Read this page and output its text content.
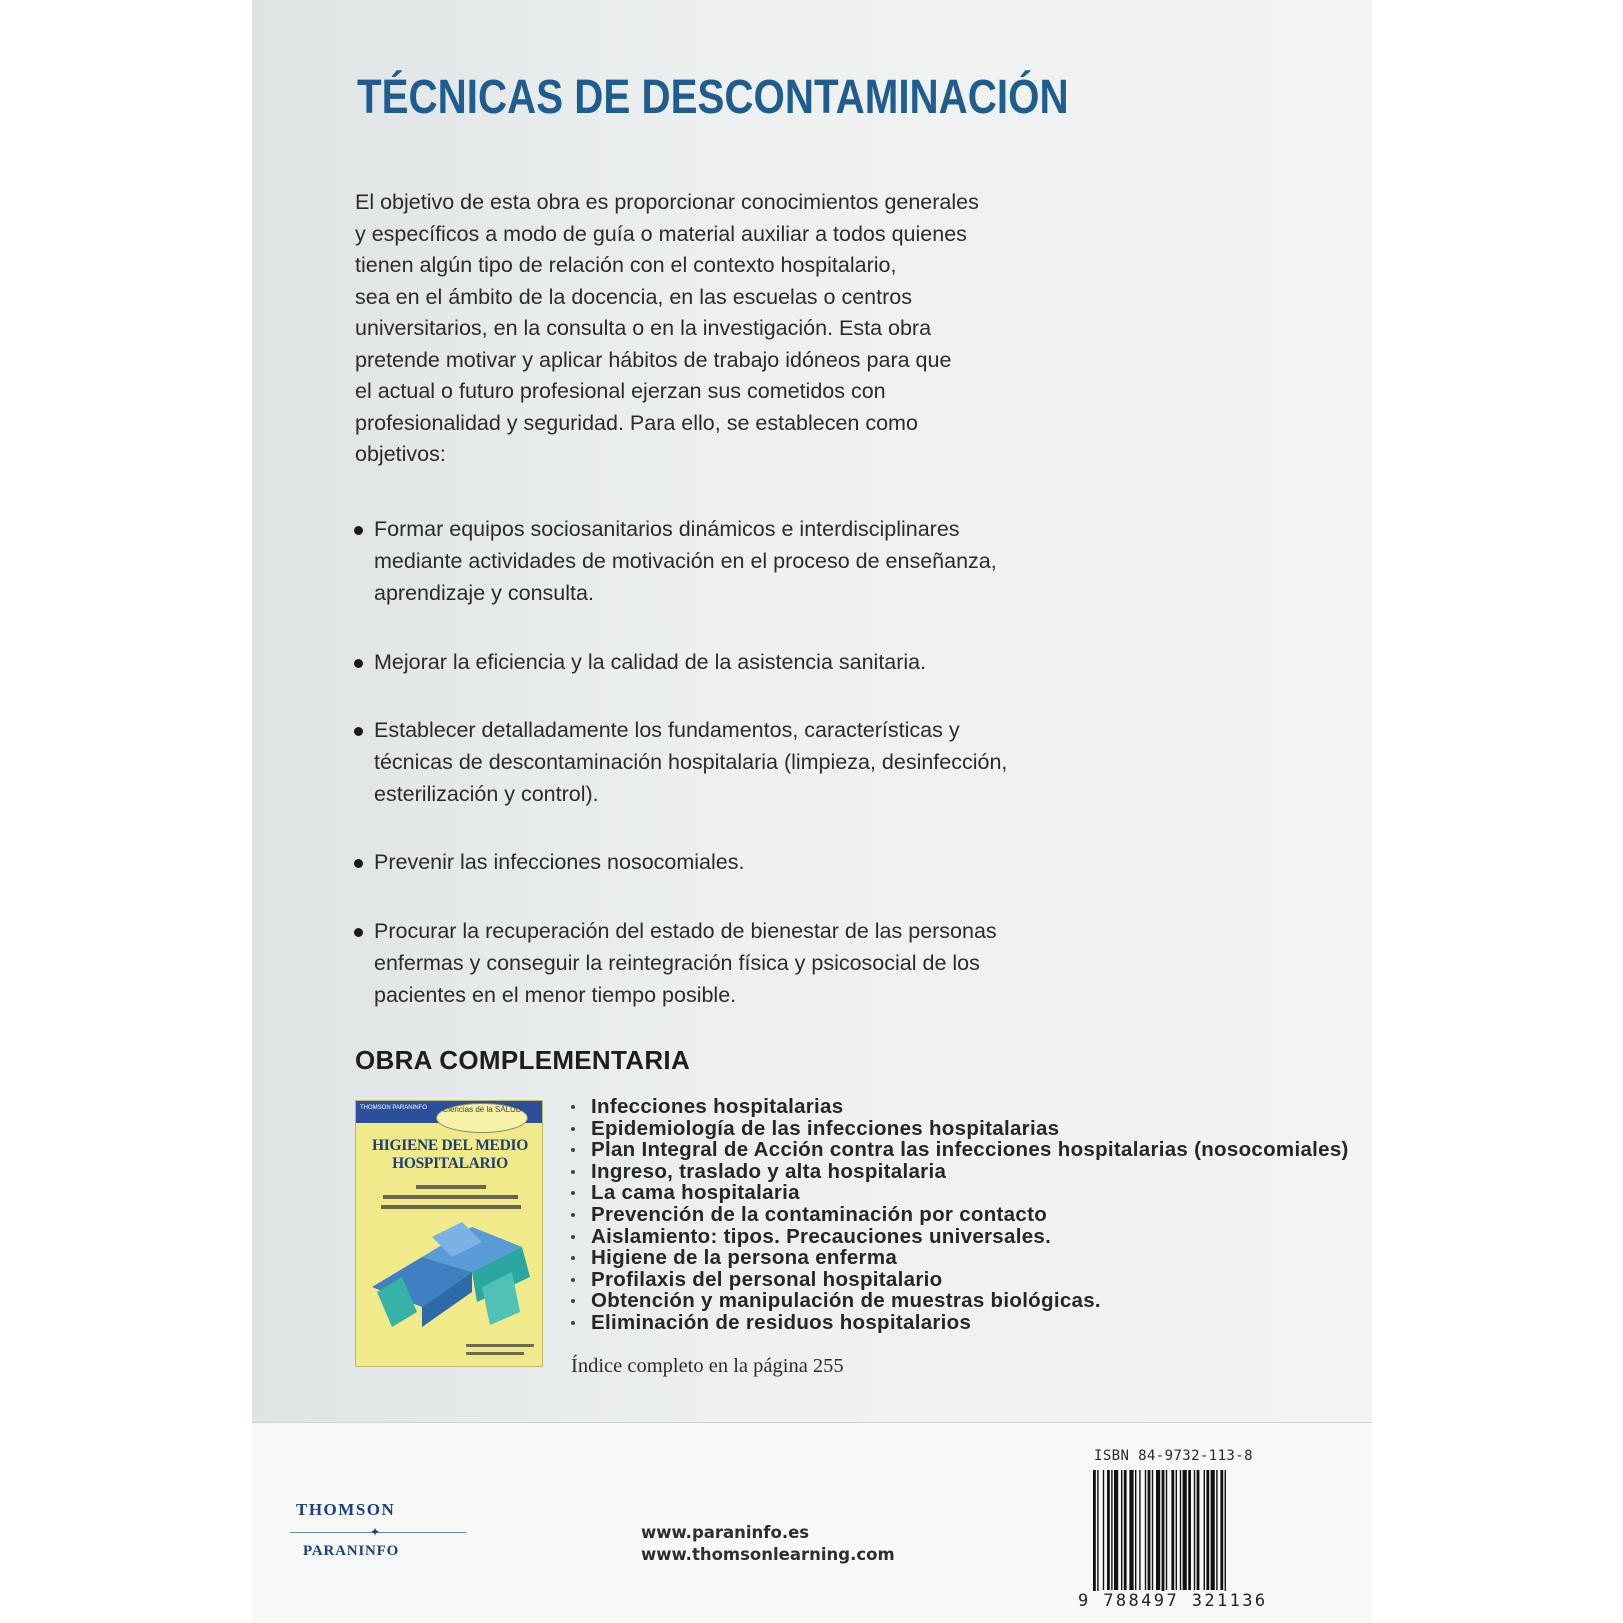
TÉCNICAS DE DESCONTAMINACIÓN
El objetivo de esta obra es proporcionar conocimientos generales
y específicos a modo de guía o material auxiliar a todos quienes
tienen algún tipo de relación con el contexto hospitalario,
sea en el ámbito de la docencia, en las escuelas o centros
universitarios, en la consulta o en la investigación. Esta obra
pretende motivar y aplicar hábitos de trabajo idóneos para que
el actual o futuro profesional ejerzan sus cometidos con
profesionalidad y seguridad. Para ello, se establecen como
objetivos:
Formar equipos sociosanitarios dinámicos e interdisciplinares
mediante actividades de motivación en el proceso de enseñanza,
aprendizaje y consulta.
Mejorar la eficiencia y la calidad de la asistencia sanitaria.
Establecer detalladamente los fundamentos, características y
técnicas de descontaminación hospitalaria (limpieza, desinfección,
esterilización y control).
Prevenir las infecciones nosocomiales.
Procurar la recuperación del estado de bienestar de las personas
enfermas y conseguir la reintegración física y psicosocial de los
pacientes en el menor tiempo posible.
OBRA COMPLEMENTARIA
THOMSON PARANINFO	Ciencias de la SALUD
HIGIENE DEL MEDIO HOSPITALARIO
Infecciones hospitalarias
Epidemiología de las infecciones hospitalarias
Plan Integral de Acción contra las infecciones hospitalarias (nosocomiales)
Ingreso, traslado y alta hospitalaria
La cama hospitalaria
Prevención de la contaminación por contacto
Aislamiento: tipos. Precauciones universales.
Higiene de la persona enferma
Profilaxis del personal hospitalario
Obtención y manipulación de muestras biológicas.
Eliminación de residuos hospitalarios
Índice completo en la página 255
THOMSON
✦
PARANINFO
www.paraninfo.es
www.thomsonlearning.com
ISBN 84-9732-113-8
9 788497 321136
